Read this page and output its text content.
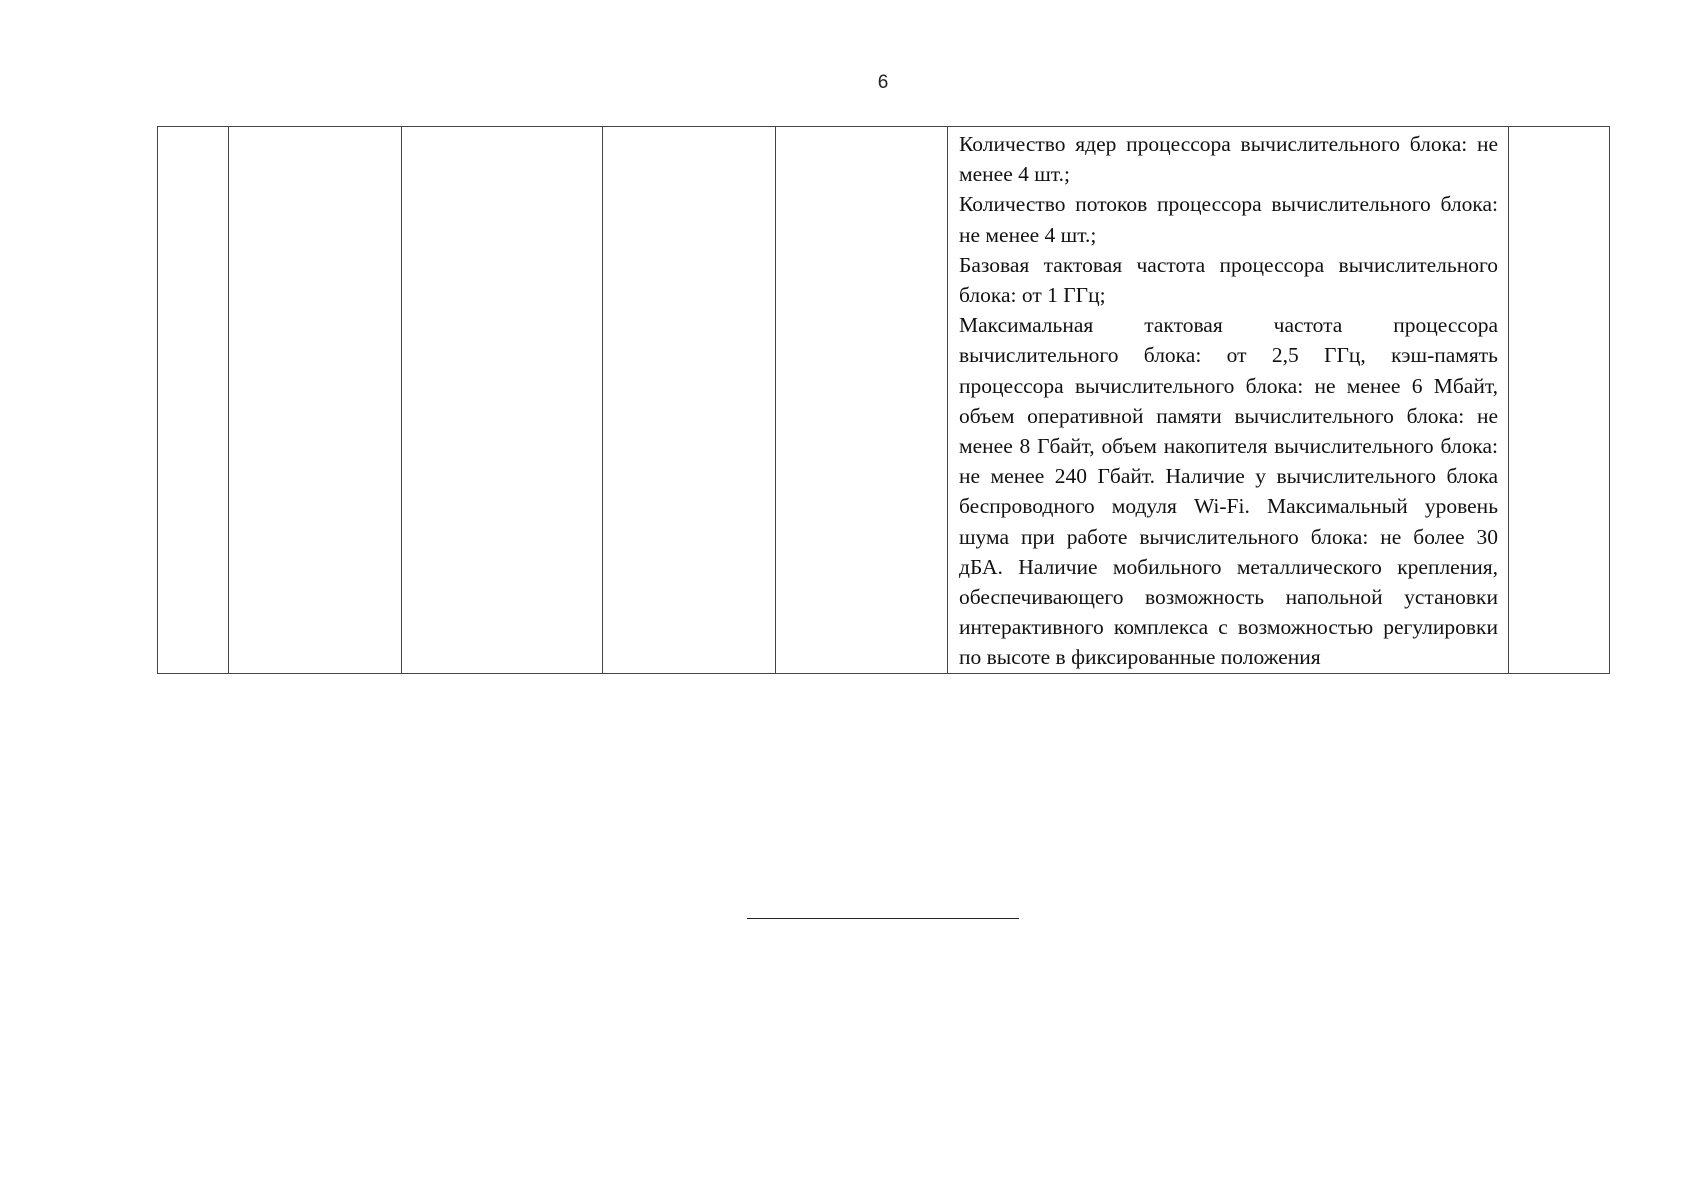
6

Количество ядер процессора вычислительного блока: не менее 4 шт.;

Количество потоков процессора вычислительного блока: не менее 4 шт.;

Базовая тактовая частота процессора вычислительного блока: от 1 ГГц;

Максимальная тактовая частота процессора вычислительного блока: от 2,5 ГГц, кэш-память процессора вычислительного блока: не менее 6 Мбайт, объем оперативной памяти вычислительного блока: не менее 8 Гбайт, объем накопителя вычислительного блока: не менее 240 Гбайт. Наличие у вычислительного блока беспроводного модуля Wi-Fi. Максимальный уровень шума при работе вычислительного блока: не более 30 дБА. Наличие мобильного металлического крепления, обеспечивающего возможность напольной установки интерактивного комплекса с возможностью регулировки по высоте в фиксированные положения
